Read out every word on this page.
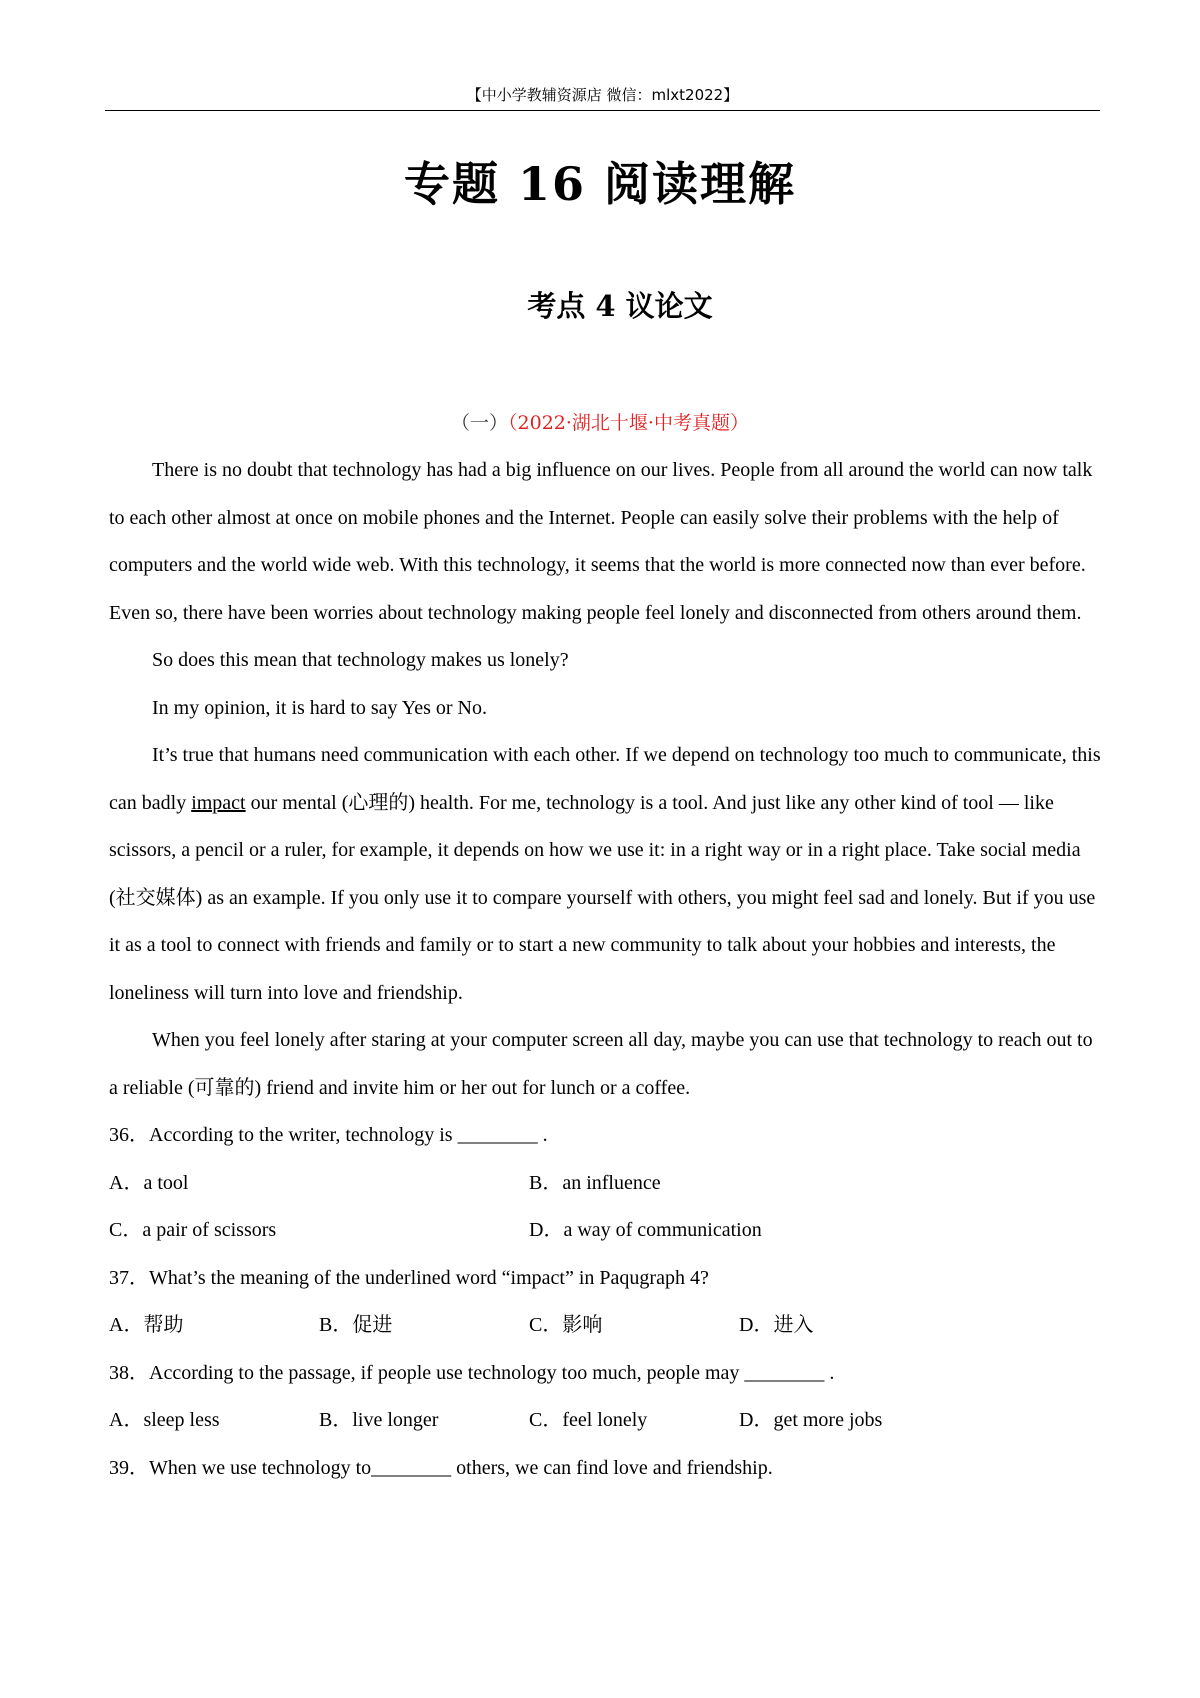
【中小学教辅资源店 微信：mlxt2022】
专题 16 阅读理解
考点 4 议论文
（一）（2022·湖北十堰·中考真题）

There is no doubt that technology has had a big influence on our lives. People from all around the world can now talk to each other almost at once on mobile phones and the Internet. People can easily solve their problems with the help of computers and the world wide web. With this technology, it seems that the world is more connected now than ever before. Even so, there have been worries about technology making people feel lonely and disconnected from others around them.

So does this mean that technology makes us lonely?

In my opinion, it is hard to say Yes or No.

It’s true that humans need communication with each other. If we depend on technology too much to communicate, this can badly impact our mental (心理的) health. For me, technology is a tool. And just like any other kind of tool — like scissors, a pencil or a ruler, for example, it depends on how we use it: in a right way or in a right place. Take social media (社交媒体) as an example. If you only use it to compare yourself with others, you might feel sad and lonely. But if you use it as a tool to connect with friends and family or to start a new community to talk about your hobbies and interests, the loneliness will turn into love and friendship.

When you feel lonely after staring at your computer screen all day, maybe you can use that technology to reach out to a reliable (可靠的) friend and invite him or her out for lunch or a coffee.

36．According to the writer, technology is ________ .

A．a tool	B．an influence
C．a pair of scissors	D．a way of communication

37．What’s the meaning of the underlined word “impact” in Paqugraph 4?

A．帮助	B．促进	C．影响	D．进入

38．According to the passage, if people use technology too much, people may ________ .

A．sleep less	B．live longer	C．feel lonely	D．get more jobs

39．When we use technology to________ others, we can find love and friendship.
